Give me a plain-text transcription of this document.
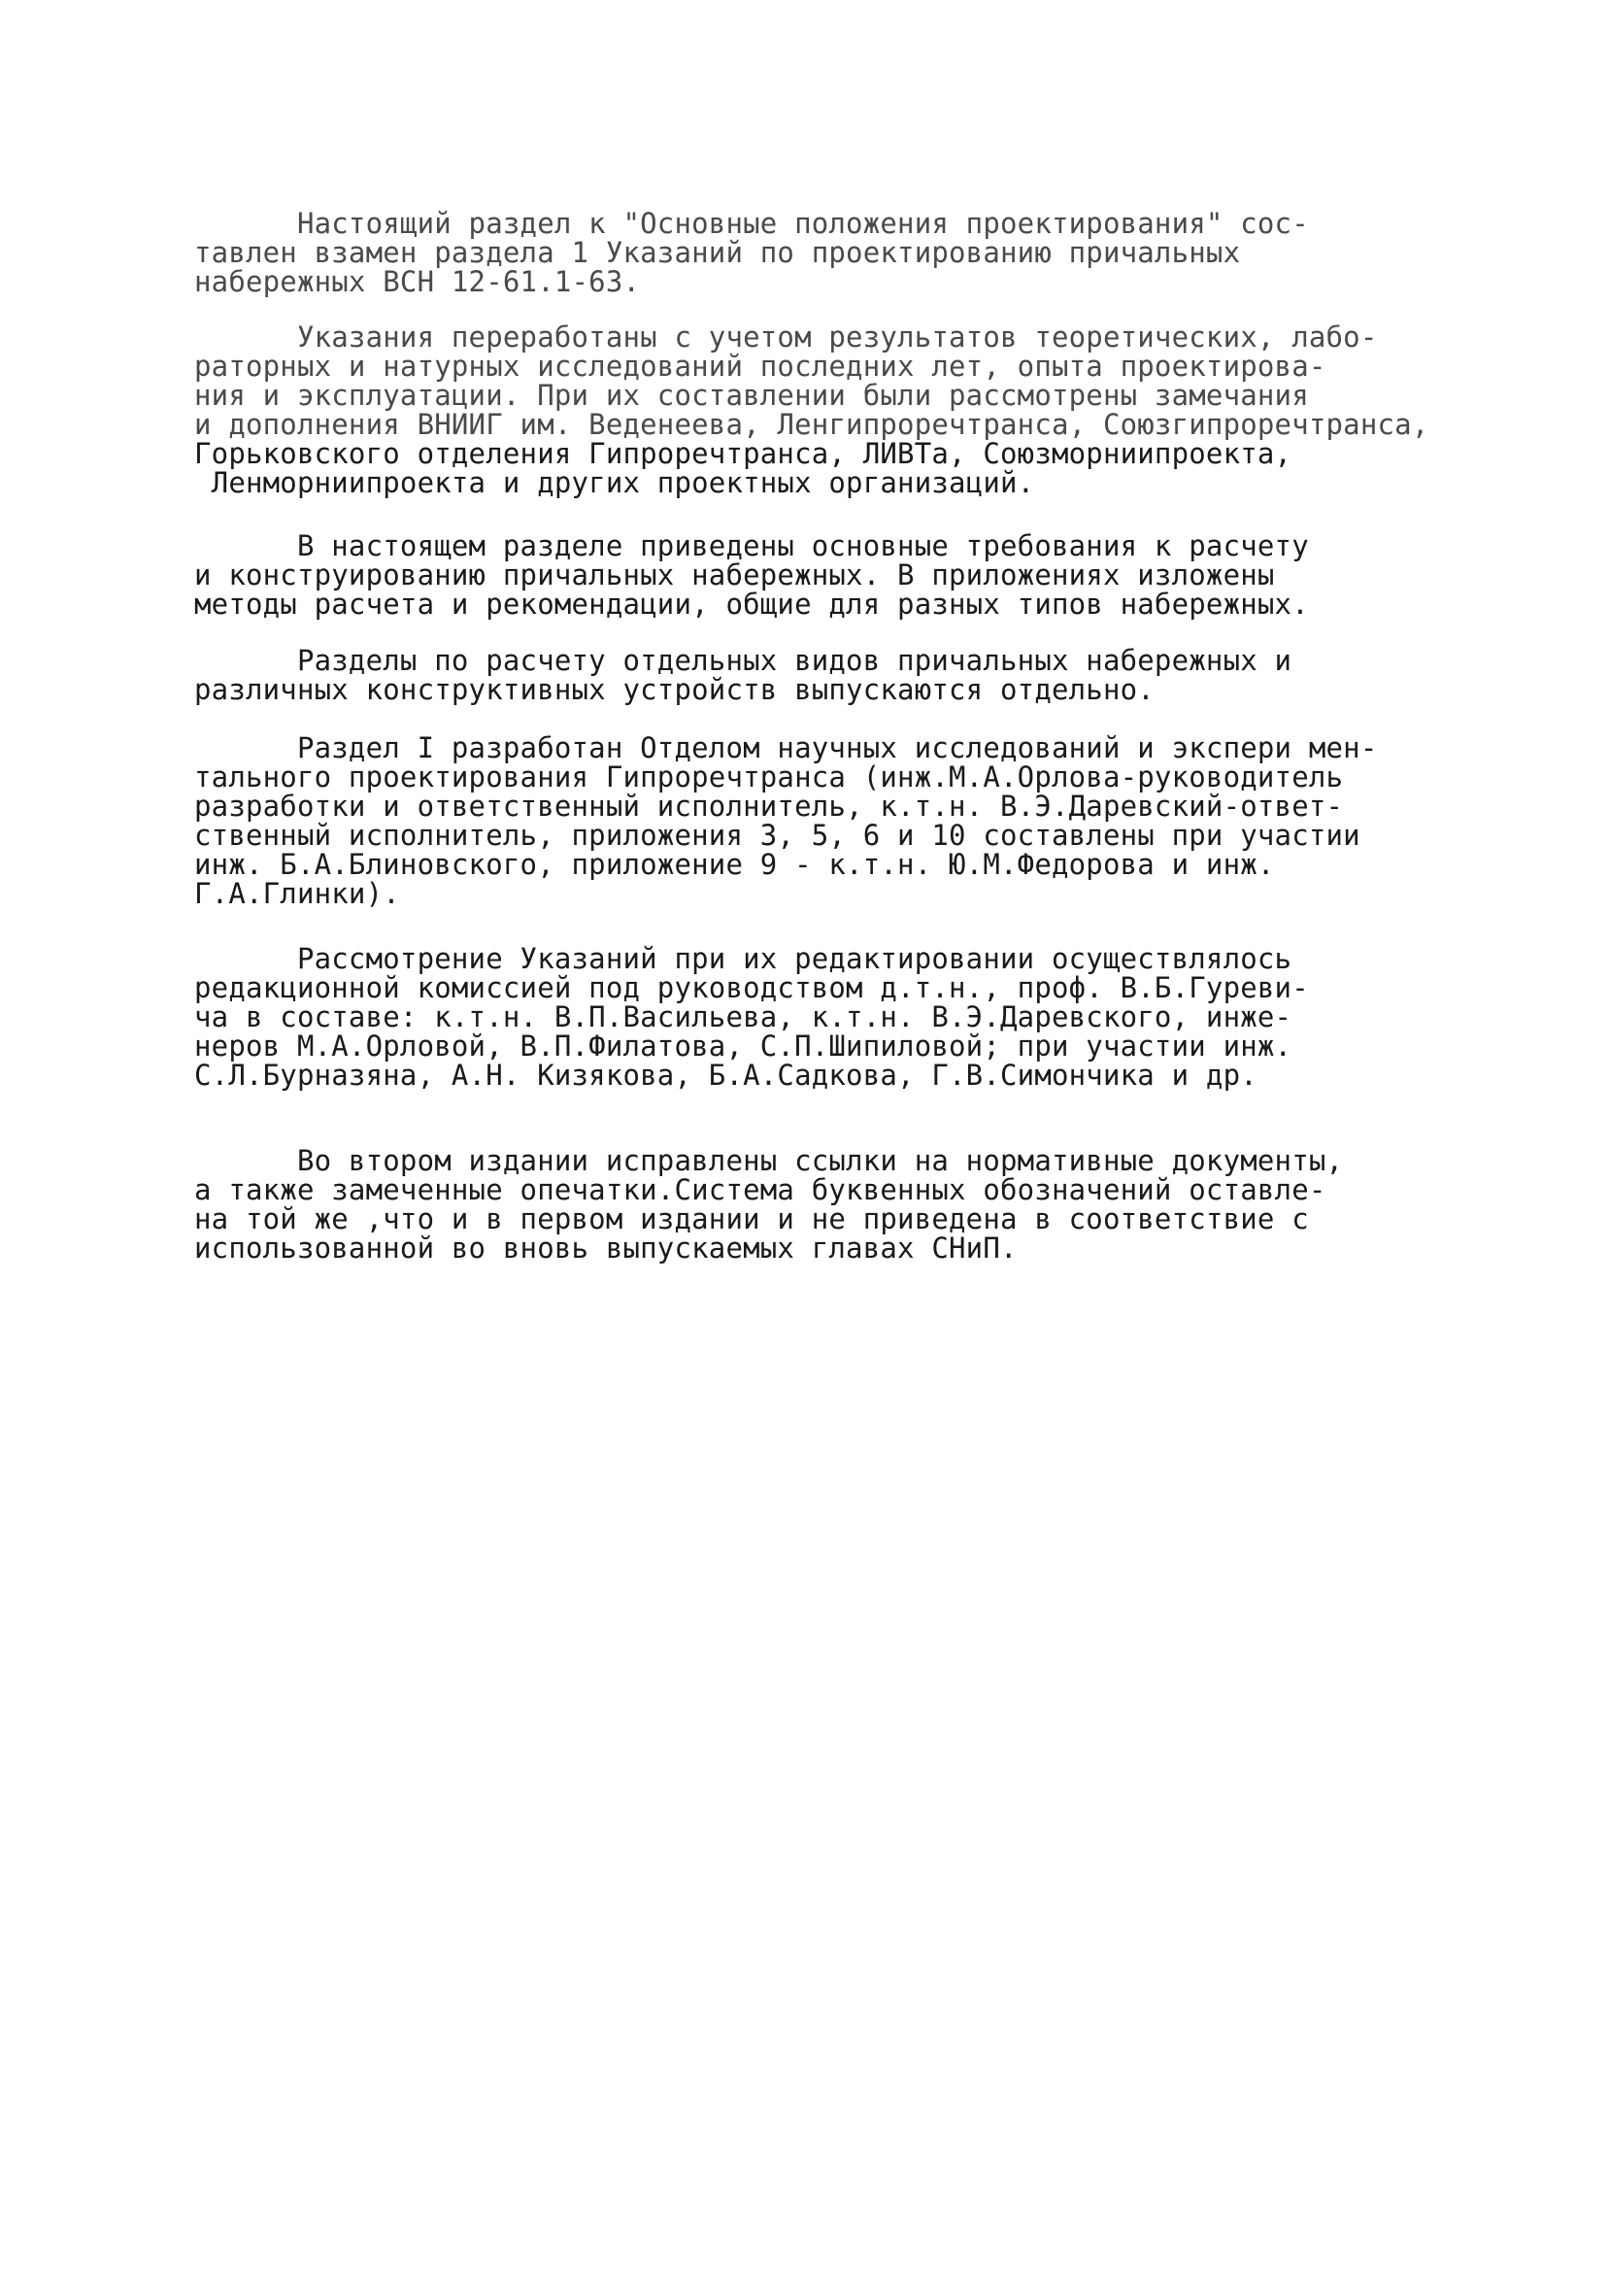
Настоящий раздел к "Основные положения проектирования" сос-
тавлен взамен раздела 1 Указаний по проектированию причальных
набережных ВСН 12-61.1-63.
Указания переработаны с учетом результатов теоретических, лабо-
раторных и натурных исследований последних лет, опыта проектирова-
ния и эксплуатации. При их составлении были рассмотрены замечания
и дополнения ВНИИГ им. Веденеева, Ленгипроречтранса, Союзгипроречтранса,
Горьковского отделения Гипроречтранса, ЛИВТа, Союзморниипроекта,
Ленморниипроекта и других проектных организаций.
В настоящем разделе приведены основные требования к расчету
и конструированию причальных набережных. В приложениях изложены
методы расчета и рекомендации, общие для разных типов набережных.
Разделы по расчету отдельных видов причальных набережных и
различных конструктивных устройств выпускаются отдельно.
Раздел I разработан Отделом научных исследований и экспери мен-
тального проектирования Гипроречтранса (инж.М.А.Орлова-руководитель
разработки и ответственный исполнитель, к.т.н. В.Э.Даревский-ответ-
ственный исполнитель, приложения 3, 5, 6 и 10 составлены при участии
инж. Б.А.Блиновского, приложение 9 - к.т.н. Ю.М.Федорова и инж.
Г.А.Глинки).
Рассмотрение Указаний при их редактировании осуществлялось
редакционной комиссией под руководством д.т.н., проф. В.Б.Гуреви-
ча в составе: к.т.н. В.П.Васильева, к.т.н. В.Э.Даревского, инже-
неров М.А.Орловой, В.П.Филатова, С.П.Шипиловой; при участии инж.
С.Л.Бурназяна, А.Н. Кизякова, Б.А.Садкова, Г.В.Симончика и др.
Во втором издании исправлены ссылки на нормативные документы,
а также замеченные опечатки.Система буквенных обозначений оставле-
на той же ,что и в первом издании и не приведена в соответствие с
использованной во вновь выпускаемых главах СНиП.
